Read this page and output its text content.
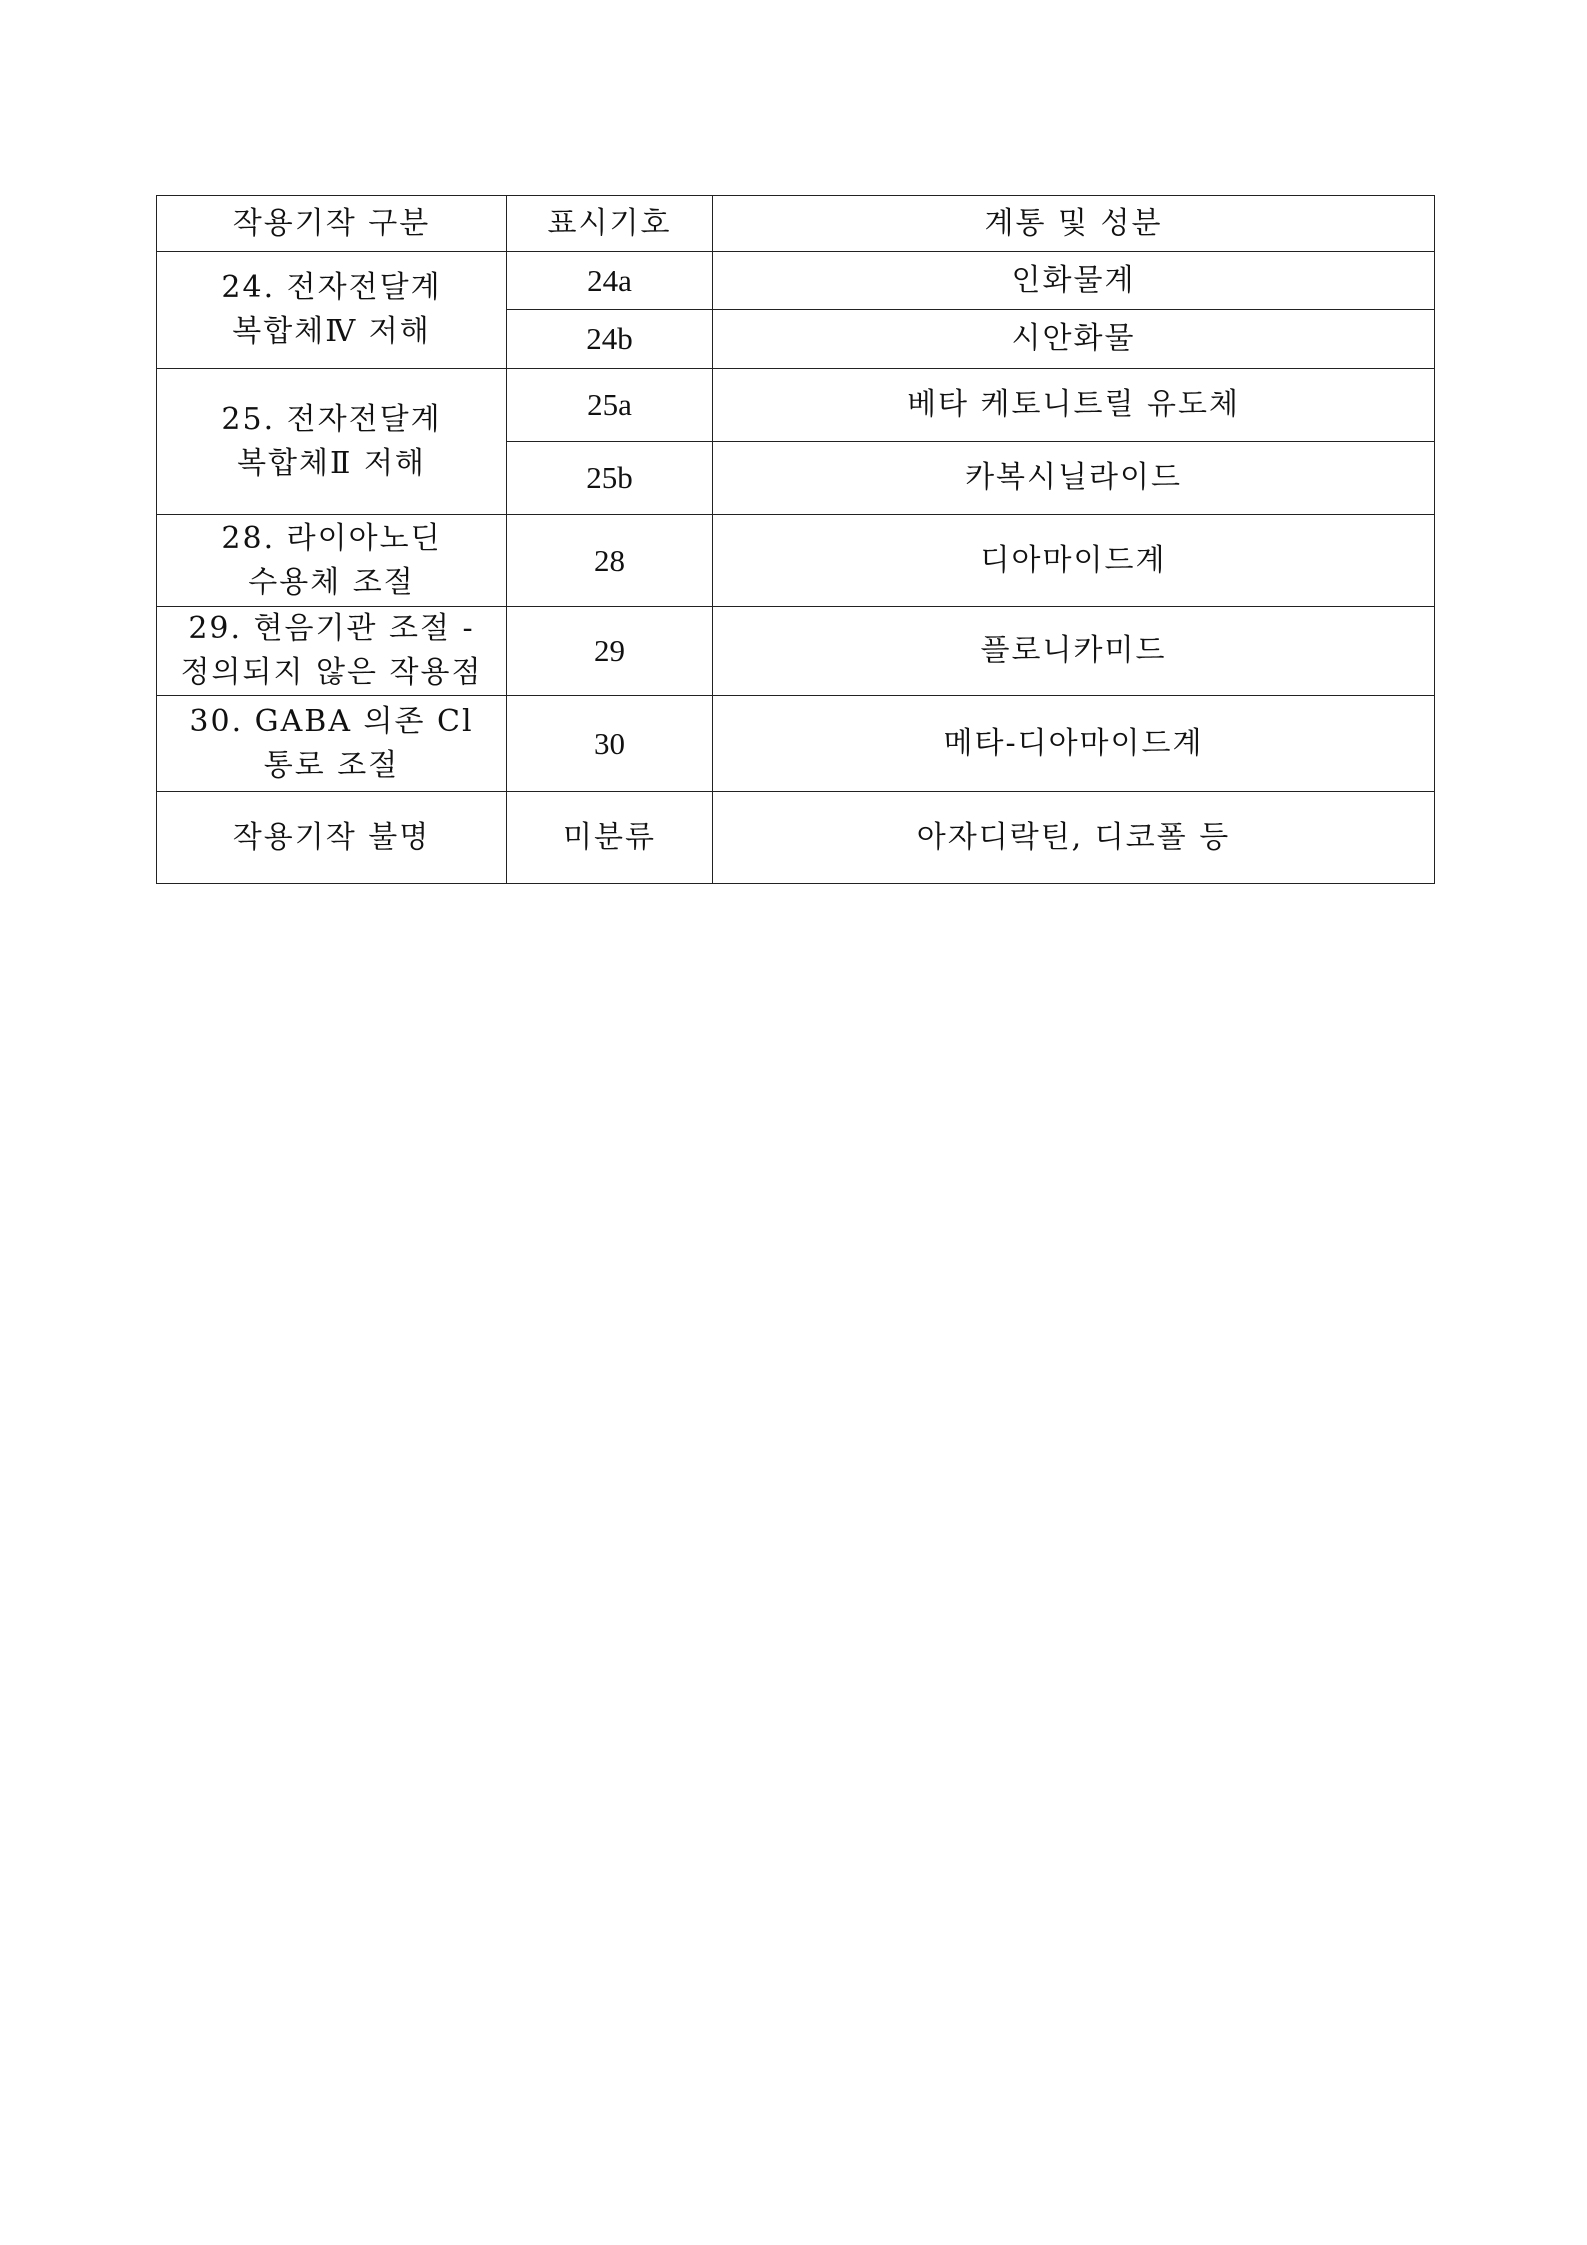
작용기작 구분	표시기호	계통 및 성분

24. 전자전달계
복합체Ⅳ 저해	24a	인화물계
	24b	시안화물

25. 전자전달계
복합체Ⅱ 저해	25a	베타 케토니트릴 유도체
	25b	카복시닐라이드

28. 라이아노딘
수용체 조절	28	디아마이드계

29. 현음기관 조절 -
정의되지 않은 작용점	29	플로니카미드

30. GABA 의존 Cl
통로 조절	30	메타-디아마이드계

작용기작 불명	미분류	아자디락틴, 디코폴 등
